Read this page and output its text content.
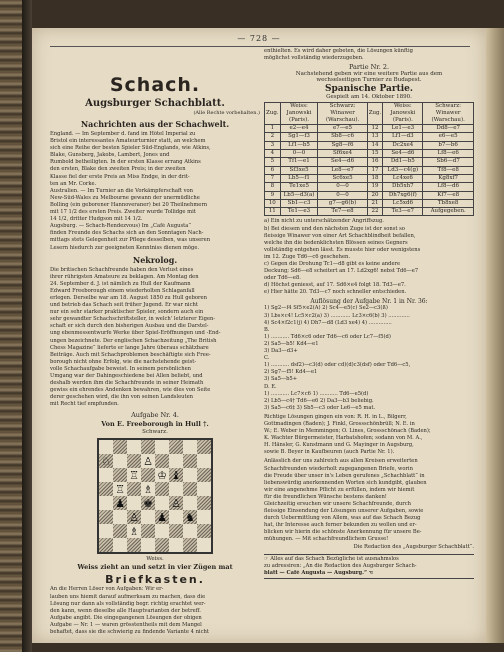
— 728 —
Schach.
Augsburger Schachblatt.
(Alle Rechte vorbehalten.)
Nachrichten aus der Schachwelt.
England. — Im September d. fand im Hôtel Imperial zu
Bristol ein interessantes Amateurturnier statt, an welchem
sich eine Reihe der besten Spieler Süd-Englands, wie Atkins,
Blake, Gunsberg, Jakobs, Lambert, Jones und
Rumbold betheiligten. In der ersten Klasse errang Atkins
den ersten, Blake den zweiten Preis; in der zweiten
Klasse fiel der erste Preis an Miss Endge, in der drit-
ten an Mr. Corke.
Australien. — Im Turnier an die Vorkämpferschaft von
New-Süd-Wales zu Melbourne gewann der unermüdliche
Bolling (ein geborener Hannoveraner) bei 20 Theilnehmern
mit 17 1/2 des ersten Preis. Zweiter wurde Tollidge mit
14 1/2, dritter Hudgson mit 14 1/2.
Augsburg. — Schach-Rendezvous) Im „Café Augusta“
finden Freunde des Schachs sich an den Sonntagen Nach-
mittags stets Gelegenheit zur Pflege desselben, was unseren
Lesern hiedurch zur geeigneten Kenntniss dienen möge.
Nekrolog.
Die britischen Schachfreunde haben den Verlust eines
ihrer rührigsten Amateure zu beklagen. Am Montag den
24. September d. J. ist nämlich zu Hull der Kaufmann
Edward Freeborough einem wiederholten Schlaganfall
erlegen. Derselbe war am 18. August 1850 zu Hull geboren
und betrieb das Schach seit früher Jugend. Er war nicht
nur ein sehr starker praktischer Spieler, sondern auch ein
sehr gewandter Schachschriftsteller, in welch' letzterer Eigen-
schaft er sich durch den bisherigen Ausbau und die Darstel-
ung ebenmessentwurfe Werke über Spiel-Eröffnungen und -End-
ungen bezeichnete. Der englischen Schachzeitung „The British
Chess Magazine“ lieferte er lange Jahre überaus schätzbare
Beiträge. Auch mit Schachproblemen beschäftigte sich Free-
borough nicht ohne Erfolg, wie die nachstehende geist-
volle Schachaufgabe beweist. In seinem persönlichen
Umgang war der Dahingeschiedene bei Allen beliebt, und
deshalb werden ihm die Schachfreunde in seiner Heimath
gewiss ein ehrendes Andenken bewahren, wie dies von Seite
derer geschehen wird, die ihn von seinen Landsleuten
mit Recht tief empfunden.
Aufgabe Nr. 4.
Von E. Freeborough in Hull †.
Schwarz.
♘	♙
♖ ♔ ♝
♖ ♗
♟ ♚ ♙
♙ ♟ ♞
♗
Weiss.
Weiss zieht an und setzt in vier Zügen mat
Briefkasten.
An die Herren Löser von Aufgaben: Wir er-
lauben uns hiemit darauf aufmerksam zu machen, dass die
Lösung nur dann als vollständig begr. richtig erachtet wer-
den kann, wenn dieselbe alle Hauptvarianten der betreff.
Aufgabe angibt. Die eingegangenen Lösungen der obigen
Aufgabe — Nr. 1 — waren grösstentheils mit dem Mangel
behaftet, dass sie die schwierig zu findende Variante 4 nicht
enthielten. Es wird daher gebeten, die Lösungen künftig
möglichst vollständig wiederzugeben.
Partie Nr. 2.
Nachstehend geben wir eine weitere Partie aus dem
wechselseitigen Turnier zu Budapest.
Spanische Partie.
Gespielt am 14. Oktober 1890.
Zug.	Weiss: Janowski (Paris).	Schwarz: Winawer (Warschau).	Zug.	Weiss: Janowski (Paris).	Schwarz: Winawer (Warschau).
1	e2—e4	e7—e5	12	Le1—e3	Dd8—e7
2	Sg1—f3	Sb8—c6	13	Lf1—d3	e6—e5
3	Lf1—b5	Sg8—f6	14	Dc2xe4	b7—b6
4	0—0	Sf6xe4	15	Se4—d6	Lf8—e6
5	Tf1—e1	Se4—d6	16	Dd1—b5	Sb6—d7
6	Sf3xe5	Le8—e7	17	Ld3—c4(g)	Tf8—e8
7	Lb5—f1	Sc6xe5	18	Lc4xe6	Kg8xf7
8	Te1xe5	0—0	19	Db5xh7	Lf8—d6
9	Lb5—d3(a)	0—0	20	Dh7xg6(f)	Kf7—e8
10	Sb1—c3	g7—g6(b)	21	Lc5xd6	Tb8xe8
11	Te1—e3	Te7—e8	22	Te3—e7	Aufgegeben.
a) Ein nicht zu unterschätzender Angriffszug.
b) Bei diesem und den nächsten Zuge ist der sonst so
fleissige Winawer von einer Art Schachblindheit befallen,
welche ihn die bedenklichsten Blössen seines Gegners
vollständig entgehen lässt. Es musste hier oder wenigstens
im 12. Zuge Td6—c6 geschehen.
c) Gegen die Drohung Tc1—d8 gibt es keine andere
Deckung; Sd6—e8 scheitert an 17. Ld2xg6! nebst Td6—e7
oder Td6—e8.
d) Höchst geniesst, auf 17. Sd6×e4 folgt 18. Td3—e7.
e) Hier hätte 20. Td3—c7 noch schneller entschieden.
Auflösung der Aufgabe Nr. 1 in Nr. 36:
1) Sg2—f4 Sf5×e2(A) 2) Sc4—e5(c) Se2—c3(ß)
3) Lbs×c4! Lc5×c2(a) 3) ............ Lc3×c6(b) 3) .............
4) Sc4×f2c1(j) 4) Dh7—d8 (Ld3 xe4) 4) ..............
B.
1) ........... Td6×c6 oder Td6—c6 oder Lc7—f5(d)
2) Sa5—b5! Kd4—e1
3) Da3—d3+
C.
1) ........... dsf2)—c3(d) oder cd)(d)c3(dsf) oder Td6—c5,
2) Sg7—f5! Kd4—e1
3) Sa5—b5+
D. E.
1) ........... Lc7×c6 1) ........... Td6—e5(d)
2) Lb5—c4† Td6—e6 2) Da3—b3 beliebig.
3) Sa5—c6‡ 3) Sb5—c3 oder Le6—e5 mat.
Richtige Lösungen gingen ein von: R. H. in L., Bilgerr,
Gottmadingen (Baden); J. Finkl, Grossschönbrüll; N. E. in
W.; E. Weber in Memmingen; O. Lines, Grossschönach (Baden);
K. Wachter Bürgermeister, Harbatshofen; sodann von M. A.,
H. Hänsler, G. Kunstmann und G. Mayinger in Augsburg,
sowie B. Beyer in Kaufbeuren (auch Partie Nr. 1).
Anlässlich der uns zahlreich aus allen Kreisen erweiterten
Schachfreunden wiederholt zugegangenen Briefe, worin
die Freude über unser in's Leben gerufenes „Schachblatt“ in
liebenswürdig anerkennenden Worten sich kundgibt, glauben
wir eine angenehme Pflicht zu erfüllen, indem wir hiemit
für die freundlichen Wünsche bestens danken!
Gleichzeitig ersuchen wir unsere Schachfreunde, durch
fleissige Einsendung der Lösungen unserer Aufgaben, sowie
durch Uebermittlung von Allem, was auf das Schach Bezug
hat, ihr Interesse auch ferner bekunden zu wollen und er-
blicken wir hierin die schönste Anerkennung für unsere Be-
mühungen. — Mit schachfreundlichem Grusse!
Die Redaction des „Augsburger Schachblatt“.
☞ Alles auf das Schach Bezügliche ist ausnahmslos
zu adressiren: „An die Redaction des Augsburger Schach-
blatt — Café Augusta — Augsburg.“ ☜
